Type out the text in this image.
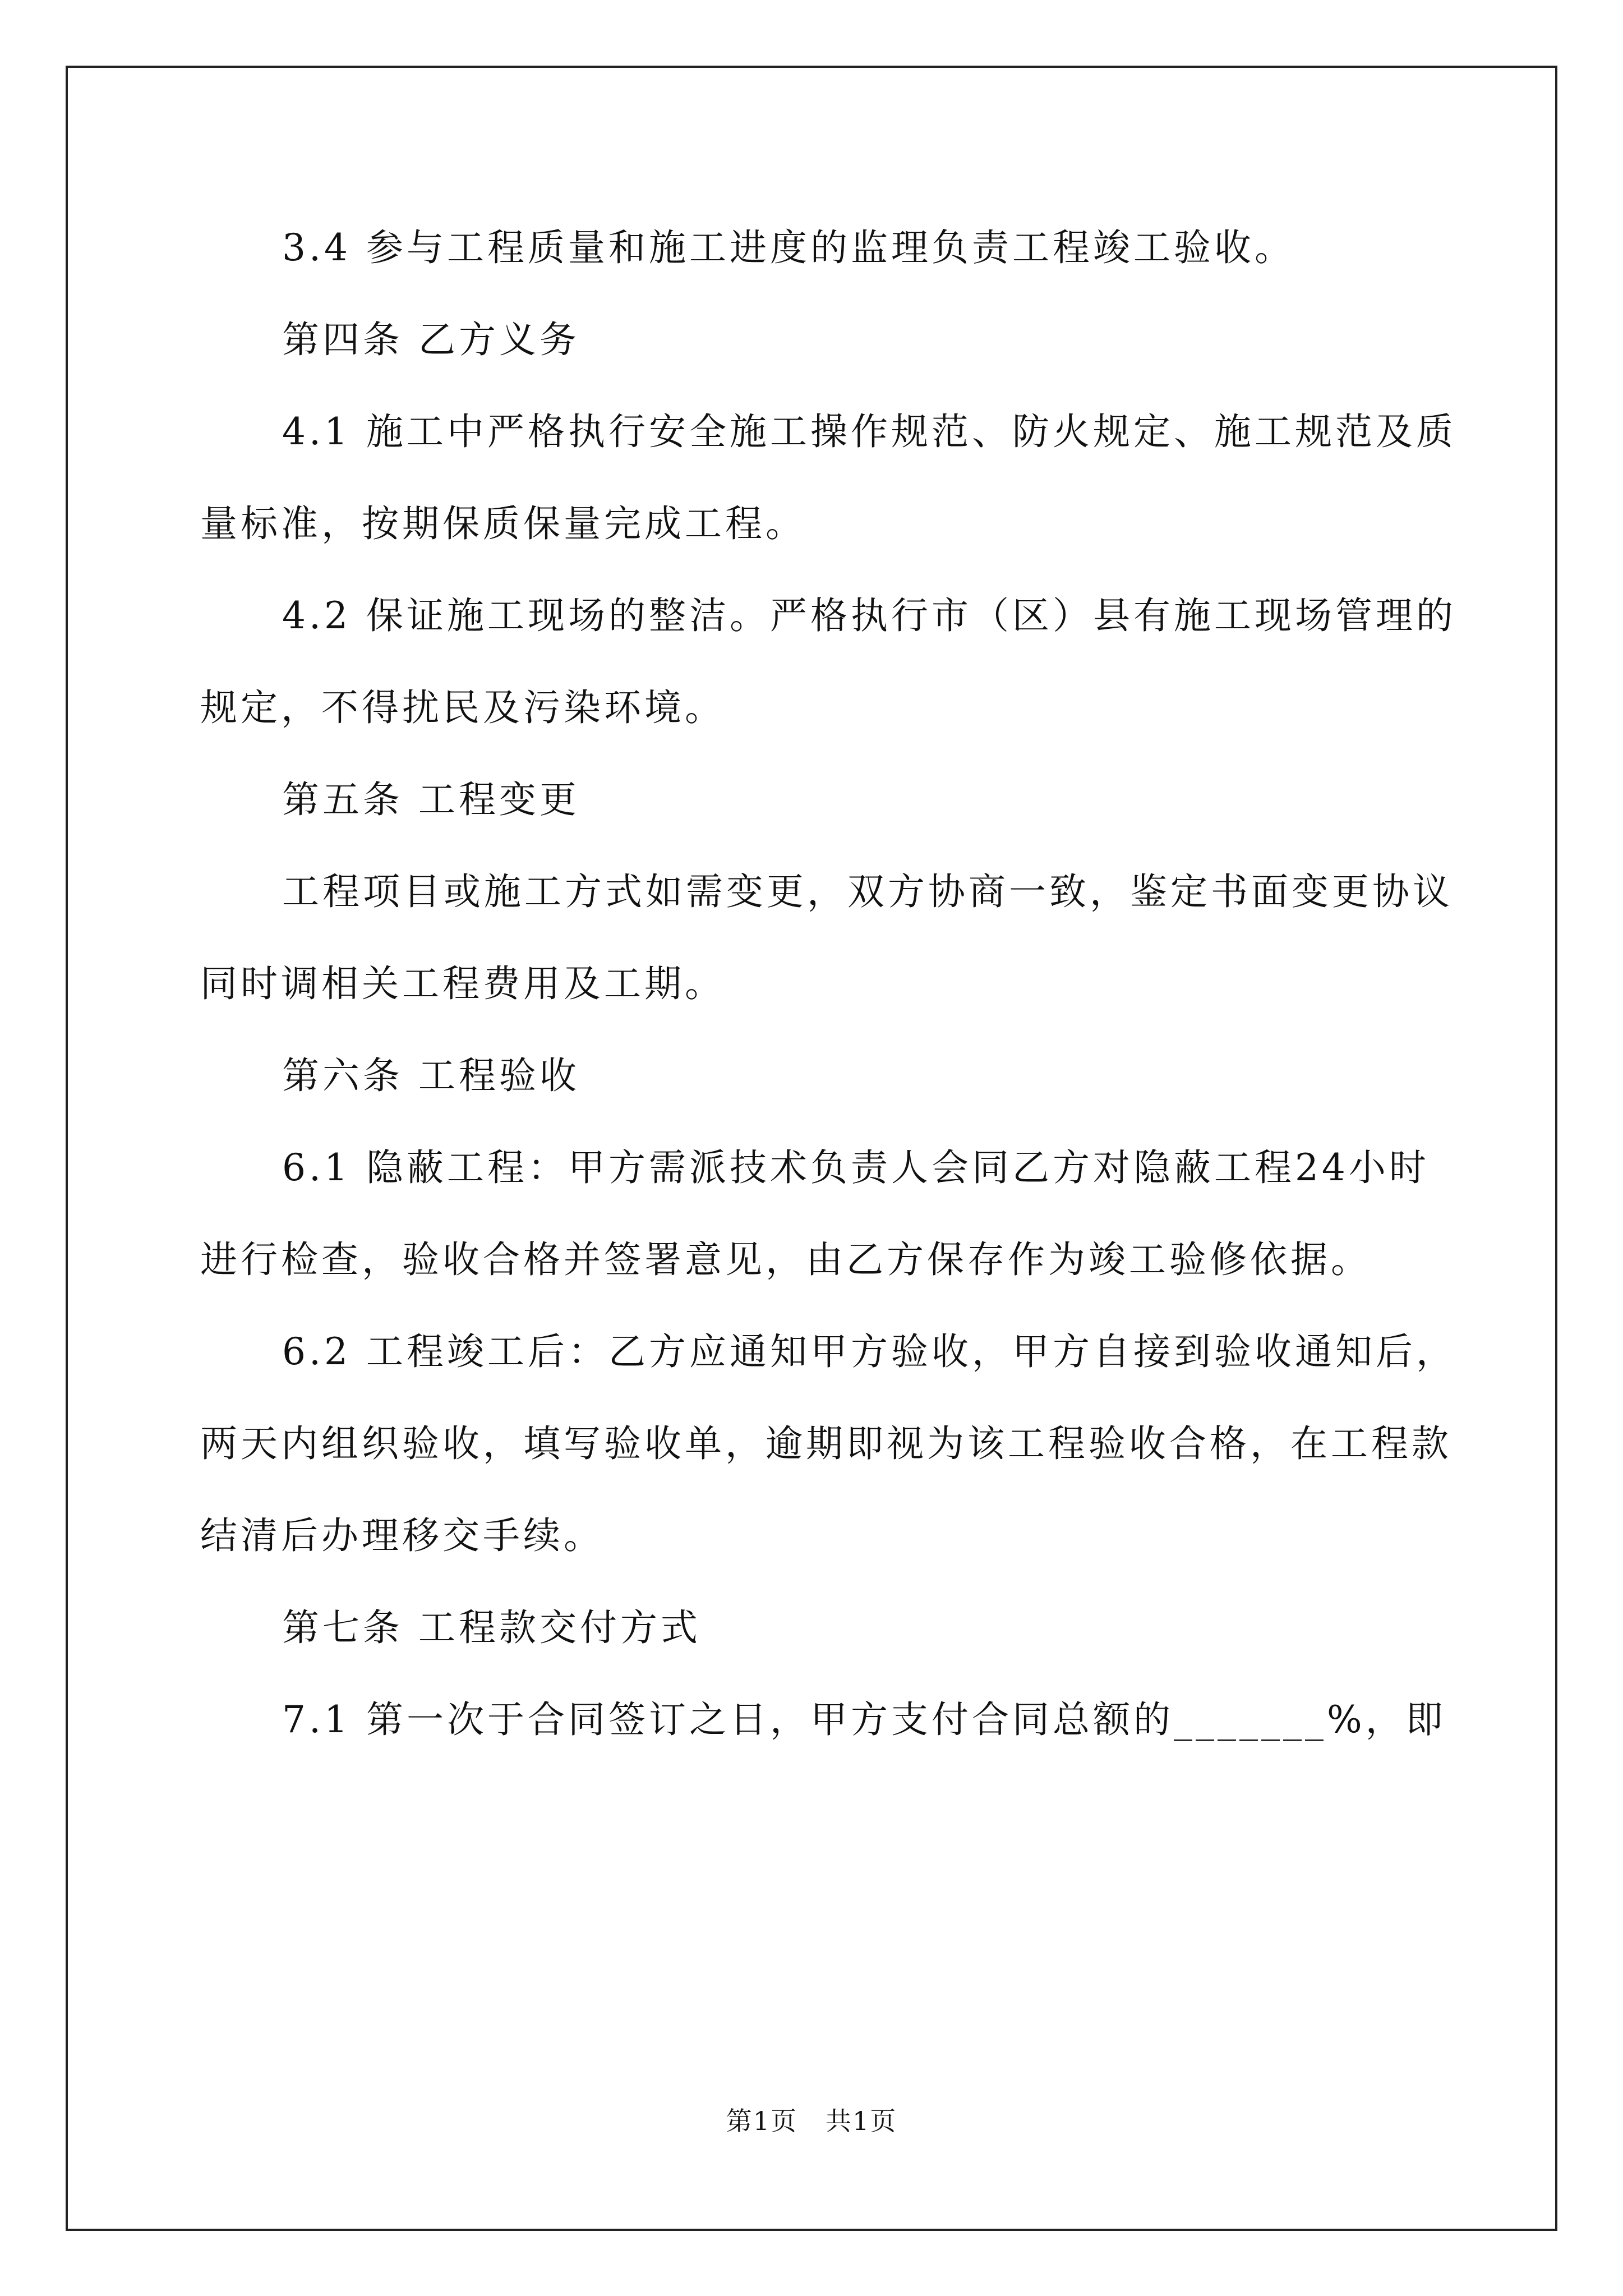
3.4 参与工程质量和施工进度的监理负责工程竣工验收。

第四条 乙方义务

4.1 施工中严格执行安全施工操作规范、防火规定、施工规范及质量标准，按期保质保量完成工程。

4.2 保证施工现场的整洁。严格执行市（区）县有施工现场管理的规定，不得扰民及污染环境。

第五条 工程变更

工程项目或施工方式如需变更，双方协商一致，鉴定书面变更协议同时调相关工程费用及工期。

第六条 工程验收

6.1 隐蔽工程：甲方需派技术负责人会同乙方对隐蔽工程24小时进行检查，验收合格并签署意见，由乙方保存作为竣工验修依据。

6.2 工程竣工后：乙方应通知甲方验收，甲方自接到验收通知后，两天内组织验收，填写验收单，逾期即视为该工程验收合格，在工程款结清后办理移交手续。

第七条 工程款交付方式

7.1 第一次于合同签订之日，甲方支付合同总额的_______%，即

第1页 共1页
